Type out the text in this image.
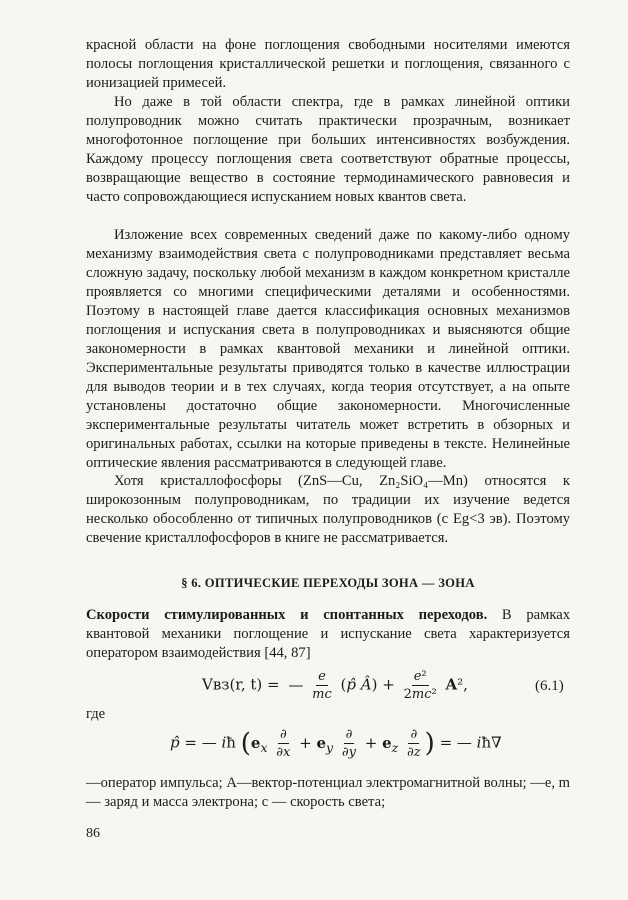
красной области на фоне поглощения свободными носителями имеются полосы поглощения кристаллической решетки и поглощения, связанного с ионизацией примесей.

Но даже в той области спектра, где в рамках линейной оптики полупроводник можно считать практически прозрачным, возникает многофотонное поглощение при больших интенсивностях возбуждения. Каждому процессу поглощения света соответствуют обратные процессы, возвращающие вещество в состояние термодинамического равновесия и часто сопровождающиеся испусканием новых квантов света.

Изложение всех современных сведений даже по какому-либо одному механизму взаимодействия света с полупроводниками представляет весьма сложную задачу, поскольку любой механизм в каждом конкретном кристалле проявляется со многими специфическими деталями и особенностями. Поэтому в настоящей главе дается классификация основных механизмов поглощения и испускания света в полупроводниках и выясняются общие закономерности в рамках квантовой механики и линейной оптики. Экспериментальные результаты приводятся только в качестве иллюстрации для выводов теории и в тех случаях, когда теория отсутствует, а на опыте установлены достаточно общие закономерности. Многочисленные экспериментальные результаты читатель может встретить в обзорных и оригинальных работах, ссылки на которые приведены в тексте. Нелинейные оптические явления рассматриваются в следующей главе.

Хотя кристаллофосфоры (ZnS—Cu, Zn₂SiO₄—Mn) относятся к широкозонным полупроводникам, по традиции их изучение ведется несколько обособленно от типичных полупроводников (с Eg<3 эв). Поэтому свечение кристаллофосфоров в книге не рассматривается.

§ 6. ОПТИЧЕСКИЕ ПЕРЕХОДЫ ЗОНА — ЗОНА

Скорости стимулированных и спонтанных переходов. В рамках квантовой механики поглощение и испускание света характеризуется оператором взаимодействия [44, 87]

Vвз(r, t) = — $\frac{e}{mc}$ (p̂ Â) + $\frac{\text{e²}}{\text{2mc²}} A^2$,	(6.1)
где
p̂ = — iħ ($e_x \frac{\partial}{\partial x} + e_y \frac{\partial}{\partial y} + e_z \frac{\partial}{\partial z}$ ) = — iħ∇

—оператор импульса; A—вектор-потенциал электромагнитной волны; —e, m — заряд и масса электрона; c — скорость света;

86
